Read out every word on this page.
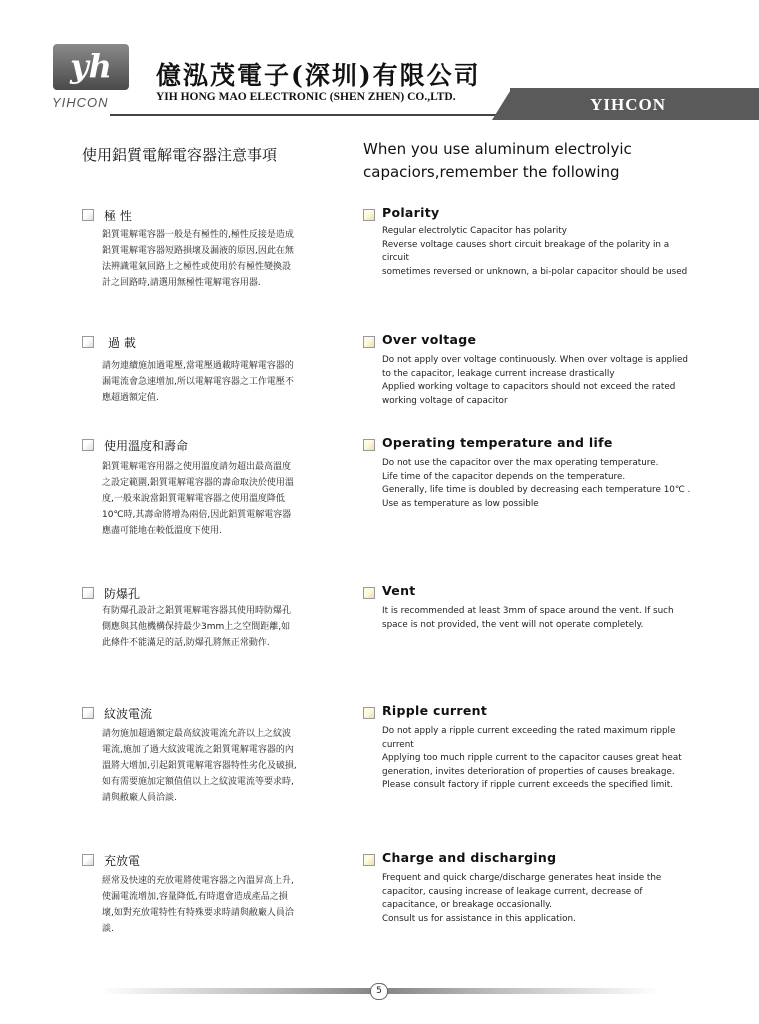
yh
YIHCON
億泓茂電子(深圳)有限公司
YIH HONG MAO ELECTRONIC (SHEN ZHEN) CO.,LTD.	YIHCON
使用鋁質電解電容器注意事項	When you use aluminum electrolyic
capaciors,remember the following
極 性
鋁質電解電容器一般是有極性的,極性反接是造成鋁質電解電容器短路損壞及漏液的原因,因此在無法辨識電氣回路上之極性或使用於有極性變換設計之回路時,請選用無極性電解電容用器.
Polarity
Regular electrolytic Capacitor has polarity
Reverse voltage causes short circuit breakage of the polarity in a circuit
sometimes reversed or unknown, a bi-polar capacitor should be used
過 載
請勿連續施加過電壓,當電壓過載時電解電容器的漏電流會急速增加,所以電解電容器之工作電壓不應超過額定值.
Over voltage
Do not apply over voltage continuously. When over voltage is applied to the capacitor, leakage current increase drastically
Applied working voltage to capacitors should not exceed the rated working voltage of capacitor
使用溫度和壽命
鋁質電解電容用器之使用溫度請勿超出最高溫度之設定範圍,鋁質電解電容器的壽命取決於使用溫度,一般來說當鋁質電解電容器之使用溫度降低10℃時,其壽命將增為兩倍,因此鋁質電解電容器應盡可能地在較低溫度下使用.
Operating temperature and life
Do not use the capacitor over the max operating temperature.
Life time of the capacitor depends on the temperature.
Generally, life time is doubled by decreasing each temperature 10℃ .
Use as temperature as low possible
防爆孔
有防爆孔設計之鋁質電解電容器其使用時防爆孔側應與其他機構保持最少3mm上之空間距離,如此條件不能滿足的話,防爆孔將無正常動作.
Vent
It is recommended at least 3mm of space around the vent. If such space is not provided, the vent will not operate completely.
紋波電流
請勿施加超過額定最高紋波電流允許以上之紋波電流,施加了過大紋波電流之鋁質電解電容器的內溫將大增加,引起鋁質電解電容器特性劣化及破損,如有需要施加定額值值以上之紋波電流等要求時,請與敝廠人員洽談.
Ripple current
Do not apply a ripple current exceeding the rated maximum ripple current
Applying too much ripple current to the capacitor causes great heat generation, invites deterioration of properties of causes breakage.
Please consult factory if ripple current exceeds the specified limit.
充放電
經常及快速的充放電將使電容器之內溫昇高上升,使漏電流增加,容量降低,有時還會造成產品之損壞,如對充放電特性有特殊要求時請與敝廠人員洽談.
Charge and discharging
Frequent and quick charge/discharge generates heat inside the capacitor, causing increase of leakage current, decrease of capacitance, or breakage occasionally.
Consult us for assistance in this application.
5
